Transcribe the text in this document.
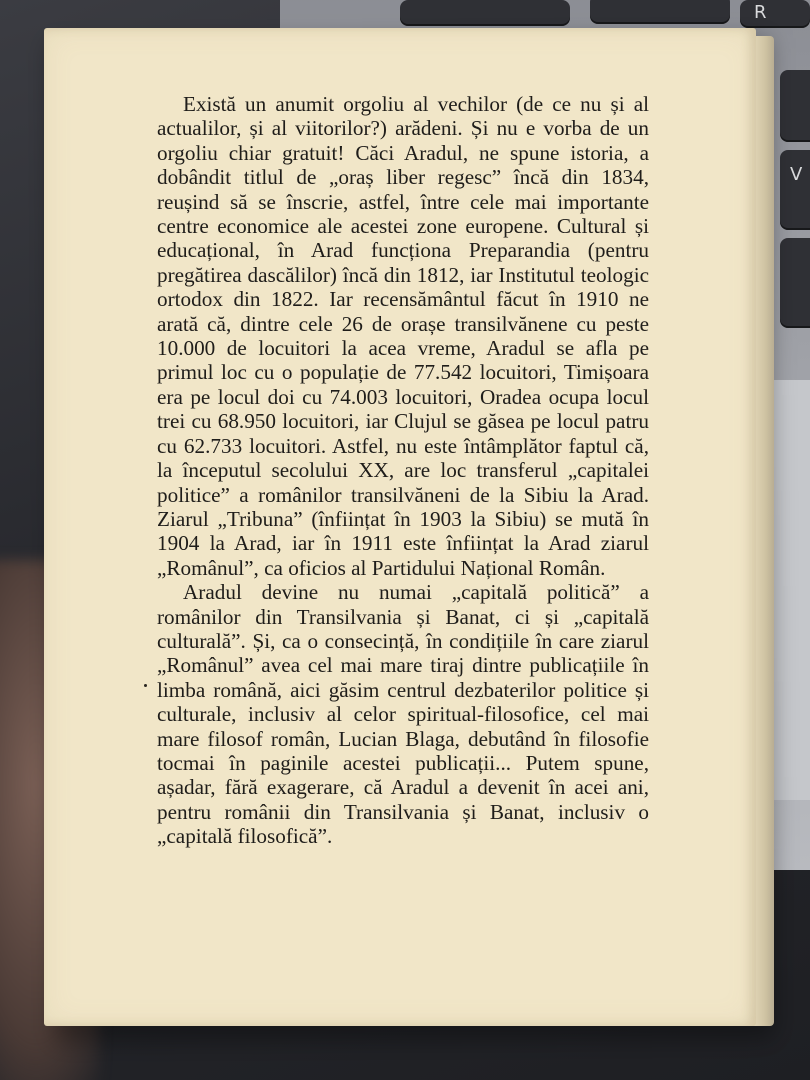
R
V

Există un anumit orgoliu al vechilor (de ce nu și al actualilor, și al viitorilor?) arădeni. Și nu e vorba de un orgoliu chiar gratuit! Căci Aradul, ne spune istoria, a dobândit titlul de „oraș liber regesc” încă din 1834, reușind să se înscrie, astfel, între cele mai importante centre economice ale acestei zone europene. Cultural și educațional, în Arad funcționa Preparandia (pentru pregătirea dascălilor) încă din 1812, iar Institutul teologic ortodox din 1822. Iar recensământul făcut în 1910 ne arată că, dintre cele 26 de orașe transilvănene cu peste 10.000 de locuitori la acea vreme, Aradul se afla pe primul loc cu o populație de 77.542 locuitori, Timișoara era pe locul doi cu 74.003 locuitori, Oradea ocupa locul trei cu 68.950 locuitori, iar Clujul se găsea pe locul patru cu 62.733 locuitori. Astfel, nu este întâmplător faptul că, la începutul secolului XX, are loc transferul „capitalei politice” a românilor transilvăneni de la Sibiu la Arad. Ziarul „Tribuna” (înființat în 1903 la Sibiu) se mută în 1904 la Arad, iar în 1911 este înființat la Arad ziarul „Românul”, ca oficios al Partidului Național Român.

Aradul devine nu numai „capitală politică” a românilor din Transilvania și Banat, ci și „capitală culturală”. Și, ca o consecință, în condițiile în care ziarul „Românul” avea cel mai mare tiraj dintre publicațiile în limba română, aici găsim centrul dezbaterilor politice și culturale, inclusiv al celor spiritual-filosofice, cel mai mare filosof român, Lucian Blaga, debutând în filosofie tocmai în paginile acestei publicații... Putem spune, așadar, fără exagerare, că Aradul a devenit în acei ani, pentru românii din Transilvania și Banat, inclusiv o „capitală filosofică”.
